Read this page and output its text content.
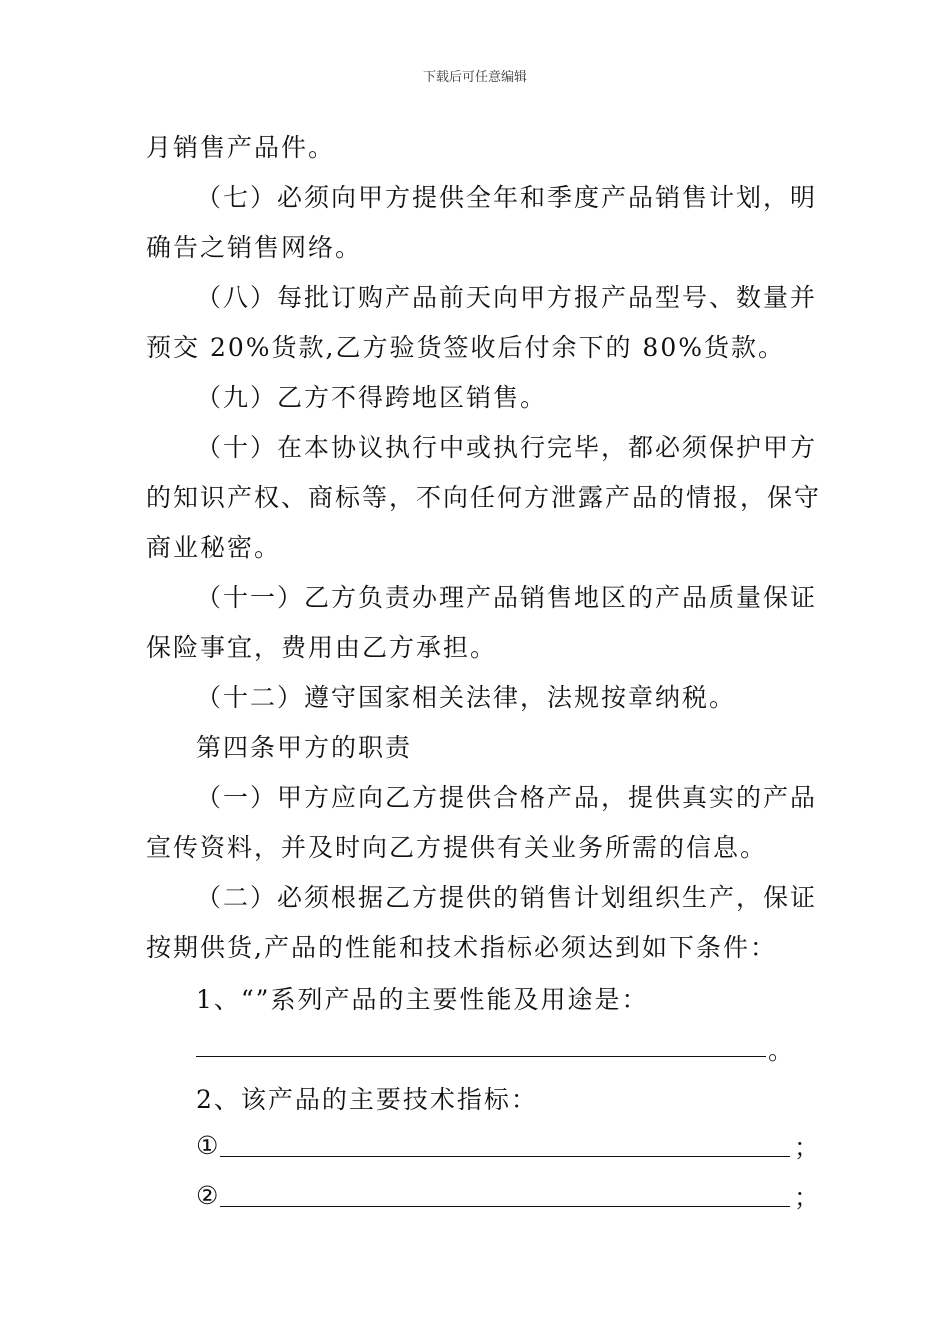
下载后可任意编辑
月销售产品件。
（七）必须向甲方提供全年和季度产品销售计划，明
确告之销售网络。
（八）每批订购产品前天向甲方报产品型号、数量并
预交 20%货款,乙方验货签收后付余下的 80%货款。
（九）乙方不得跨地区销售。
（十）在本协议执行中或执行完毕，都必须保护甲方
的知识产权、商标等，不向任何方泄露产品的情报，保守
商业秘密。
（十一）乙方负责办理产品销售地区的产品质量保证
保险事宜，费用由乙方承担。
（十二）遵守国家相关法律，法规按章纳税。
第四条甲方的职责
（一）甲方应向乙方提供合格产品，提供真实的产品
宣传资料，并及时向乙方提供有关业务所需的信息。
（二）必须根据乙方提供的销售计划组织生产，保证
按期供货,产品的性能和技术指标必须达到如下条件：
1、“”系列产品的主要性能及用途是：
。
2、该产品的主要技术指标：
①	；
②	；
